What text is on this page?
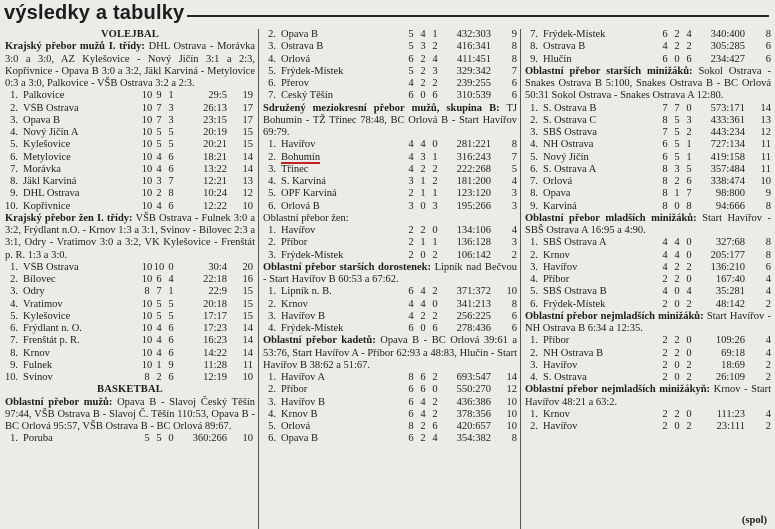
výsledky a tabulky
VOLEJBAL
Krajský přebor mužů I. třídy: DHL Ostrava - Morávka 3:0 a 3:0, AZ Kylešovice - Nový Jičín 3:1 a 2:3, Kopřivnice - Opava B 3:0 a 3:2, Jäkl Karviná - Metylovice 0:3 a 3:0, Palkovice - VŠB Ostrava 3:2 a 2:3.
1. Palkovice	10 9 1	29:5	19
2. VŠB Ostrava	10 7 3	26:13	17
3. Opava B	10 7 3	23:15	17
4. Nový Jičín A	10 5 5	20:19	15
5. Kylešovice	10 5 5	20:21	15
6. Metylovice	10 4 6	18:21	14
7. Morávka	10 4 6	13:22	14
8. Jäkl Karviná	10 3 7	12:21	13
9. DHL Ostrava	10 2 8	10:24	12
10. Kopřivnice	10 4 6	12:22	10
Krajský přebor žen I. třídy: VŠB Ostrava - Fulnek 3:0 a 3:2, Frýdlant n.O. - Krnov 1:3 a 3:1, Svinov - Bílovec 2:3 a 3:1, Odry - Vratimov 3:0 a 3:2, VK Kylešovice - Frenštát p. R. 1:3 a 3:0.
1. VŠB Ostrava	10 10 0	30:4	20
2. Bílovec	10 6 4	22:18	16
3. Odry	8 7 1	22:9	15
4. Vratimov	10 5 5	20:18	15
5. Kylešovice	10 5 5	17:17	15
6. Frýdlant n. O.	10 4 6	17:23	14
7. Frenštát p. R.	10 4 6	16:23	14
8. Krnov	10 4 6	14:22	14
9. Fulnek	10 1 9	11:28	11
10. Svinov	8 2 6	12:19	10
BASKETBAL
Oblastní přebor mužů: Opava B - Slavoj Český Těšín 97:44, VŠB Ostrava B - Slavoj Č. Těšín 110:53, Opava B - BC Orlová 95:57, VŠB Ostrava B - BC Orlová 89:67.
1. Poruba	5 5 0	360:266	10
2. Opava B	5 4 1	432:303	9
3. Ostrava B	5 3 2	416:341	8
4. Orlová	6 2 4	411:451	8
5. Frýdek-Místek	5 2 3	329:342	7
6. Přerov	4 2 2	239:255	6
7. Český Těšín	6 0 6	310:539	6
Sdružený meziokresní přebor mužů, skupina B: TJ Bohumín - TŽ Třinec 78:48, BC Orlová B - Start Havířov 69:79.
1. Havířov	4 4 0	281:221	8
2. Bohumín	4 3 1	316:243	7
3. Třinec	4 2 2	222:268	5
4. S. Karviná	3 1 2	181:200	4
5. OPF Karviná	2 1 1	123:120	3
6. Orlová B	3 0 3	195:266	3
Oblastní přebor žen:
1. Havířov	2 2 0	134:106	4
2. Příbor	2 1 1	136:128	3
3. Frýdek-Místek	2 0 2	106:142	2
Oblastní přebor starších dorostenek: Lipník nad Bečvou - Start Havířov B 60:53 a 67:62.
1. Lipník n. B.	6 4 2	371:372	10
2. Krnov	4 4 0	341:213	8
3. Havířov B	4 2 2	256:225	6
4. Frýdek-Místek	6 0 6	278:436	6
Oblastní přebor kadetů: Opava B - BC Orlová 39:61 a 53:76, Start Havířov A - Příbor 62:93 a 48:83, Hlučín - Start Havířov B 38:62 a 51:67.
1. Havířov A	8 6 2	693:547	14
2. Příbor	6 6 0	550:270	12
3. Havířov B	6 4 2	436:386	10
4. Krnov B	6 4 2	378:356	10
5. Orlová	8 2 6	420:657	10
6. Opava B	6 2 4	354:382	8
7. Frýdek-Místek	6 2 4	340:400	8
8. Ostrava B	4 2 2	305:285	6
9. Hlučín	6 0 6	234:427	6
Oblastní přebor starších minižáků: Sokol Ostrava - Snakes Ostrava B 5:100, Snakes Ostrava B - BC Orlová 50:31 Sokol Ostrava - Snakes Ostrava A 12:80.
1. S. Ostrava B	7 7 0	573:171	14
2. S. Ostrava C	8 5 3	433:361	13
3. SBŠ Ostrava	7 5 2	443:234	12
4. NH Ostrava	6 5 1	727:134	11
5. Nový Jičín	6 5 1	419:158	11
6. S. Ostrava A	8 3 5	357:484	11
7. Orlová	8 2 6	338:474	10
8. Opava	8 1 7	98:800	9
9. Karviná	8 0 8	94:666	8
Oblastní přebor mladších minižáků: Start Havířov - SBŠ Ostrava A 16:95 a 4:90.
1. SBŠ Ostrava A	4 4 0	327:68	8
2. Krnov	4 4 0	205:177	8
3. Havířov	4 2 2	136:210	6
4. Příbor	2 2 0	167:40	4
5. SBŠ Ostrava B	4 0 4	35:281	4
6. Frýdek-Místek	2 0 2	48:142	2
Oblastní přebor nejmladších minižáků: Start Havířov - NH Ostrava B 6:34 a 12:35.
1. Příbor	2 2 0	109:26	4
2. NH Ostrava B	2 2 0	69:18	4
3. Havířov	2 0 2	18:69	2
4. S. Ostrava	2 0 2	26:109	2
Oblastní přebor nejmladších minižákyň: Krnov - Start Havířov 48:21 a 63:2.
1. Krnov	2 2 0	111:23	4
2. Havířov	2 0 2	23:111	2
(spol)
